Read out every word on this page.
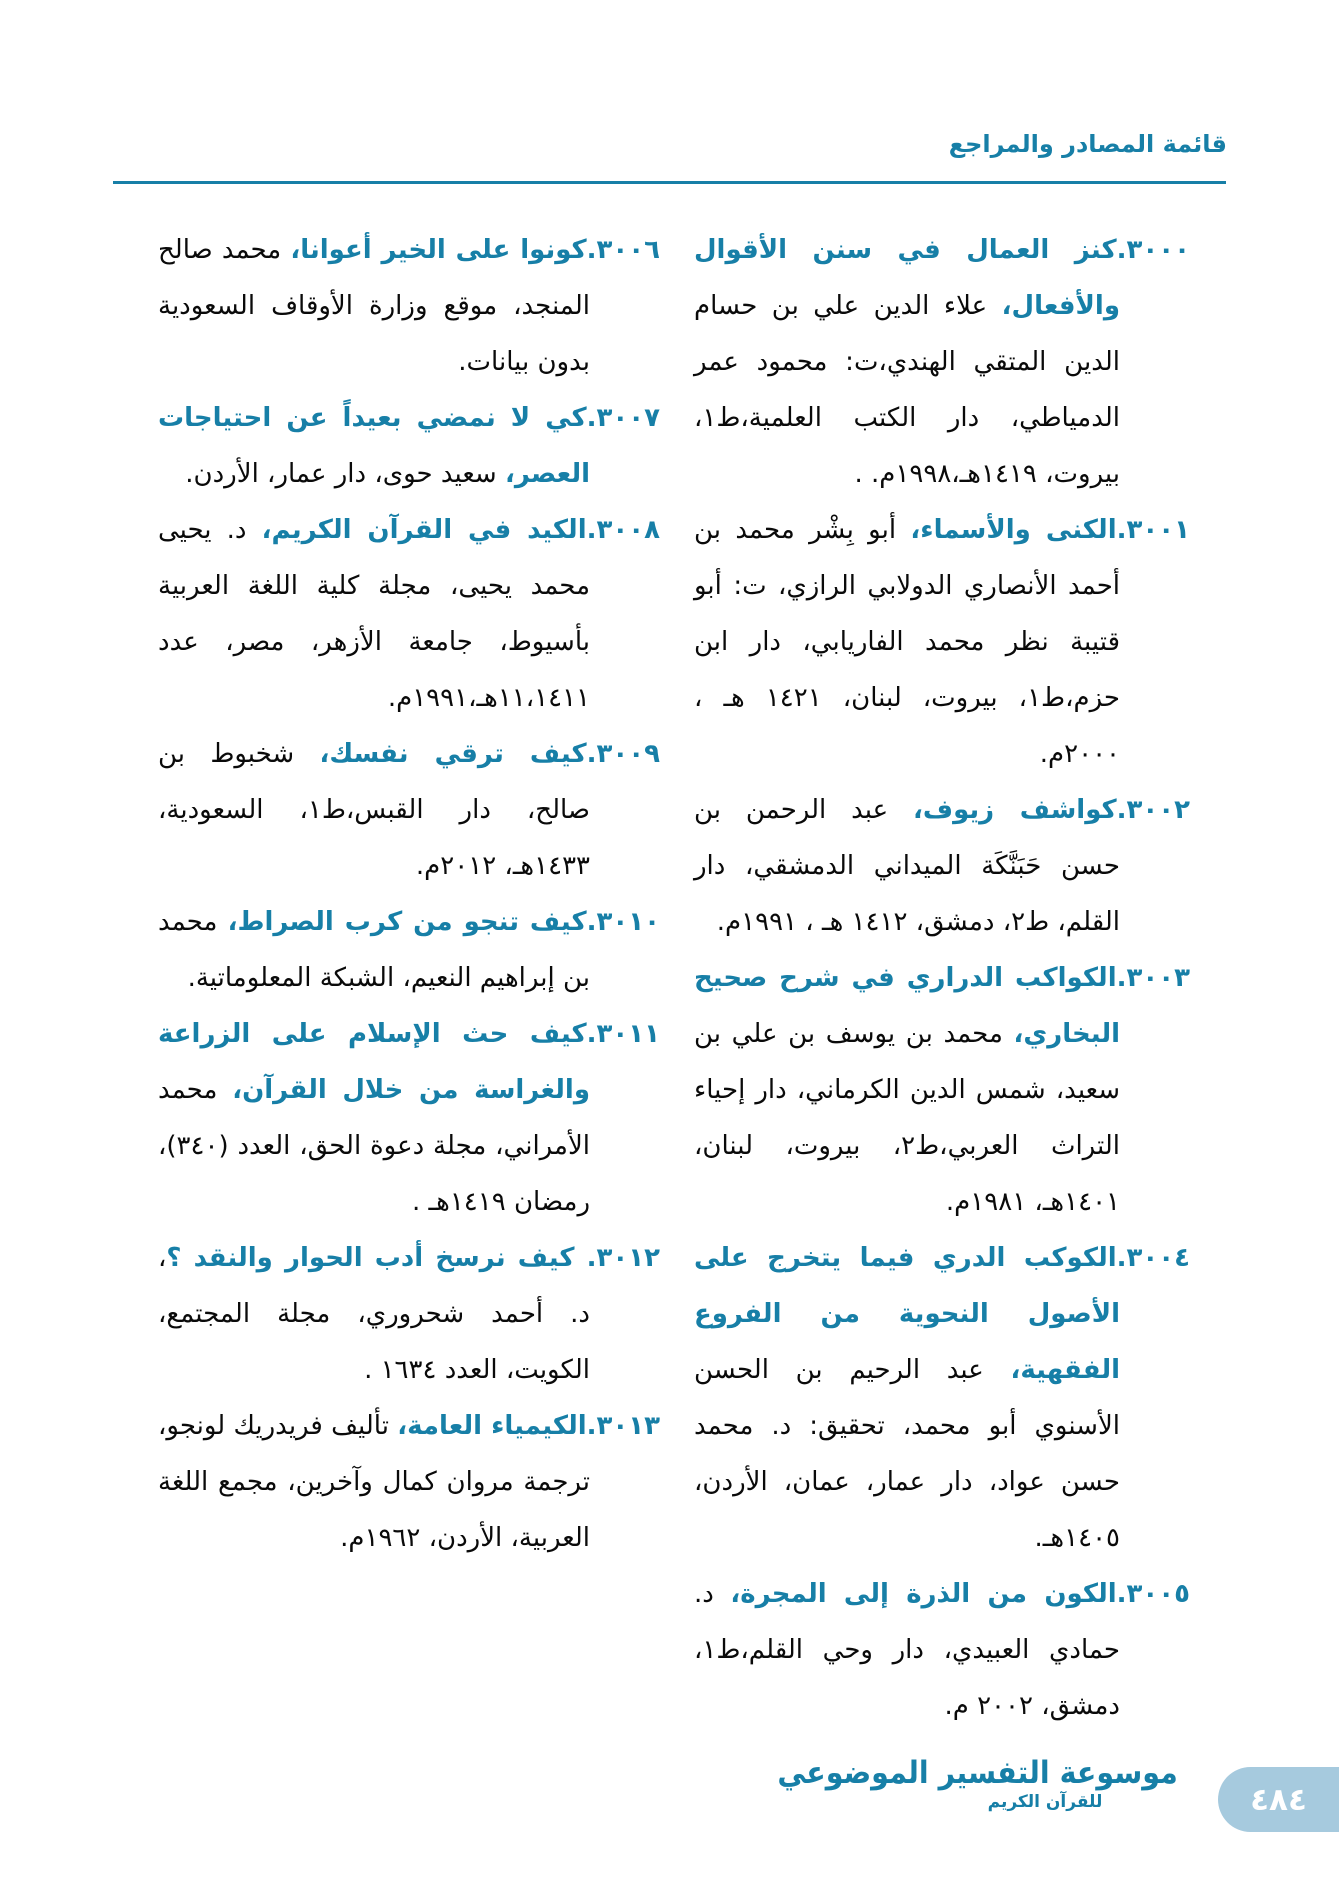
قائمة المصادر والمراجع

٣٠٠٠.كنز العمال في سنن الأقوال والأفعال، علاء الدين علي بن حسام الدين المتقي الهندي،ت: محمود عمر الدمياطي، دار الكتب العلمية،ط١، بيروت، ١٤١٩هـ،١٩٩٨م. .

٣٠٠١.الكنى والأسماء، أبو بِشْر محمد بن أحمد الأنصاري الدولابي الرازي، ت: أبو قتيبة نظر محمد الفاريابي، دار ابن حزم،ط١، بيروت، لبنان، ١٤٢١ هـ ، ٢٠٠٠م.

٣٠٠٢.كواشف زيوف، عبد الرحمن بن حسن حَبَنَّكَة الميداني الدمشقي، دار القلم، ط٢، دمشق، ١٤١٢ هـ ، ١٩٩١م.

٣٠٠٣.الكواكب الدراري في شرح صحيح البخاري، محمد بن يوسف بن علي بن سعيد، شمس الدين الكرماني، دار إحياء التراث العربي،ط٢، بيروت، لبنان، ١٤٠١هـ، ١٩٨١م.

٣٠٠٤.الكوكب الدري فيما يتخرج على الأصول النحوية من الفروع الفقهية، عبد الرحيم بن الحسن الأسنوي أبو محمد، تحقيق: د. محمد حسن عواد، دار عمار، عمان، الأردن، ١٤٠٥هـ.

٣٠٠٥.الكون من الذرة إلى المجرة، د. حمادي العبيدي، دار وحي القلم،ط١، دمشق، ٢٠٠٢ م.

٣٠٠٦.كونوا على الخير أعوانا، محمد صالح المنجد، موقع وزارة الأوقاف السعودية بدون بيانات.

٣٠٠٧.كي لا نمضي بعيداً عن احتياجات العصر، سعيد حوى، دار عمار، الأردن.

٣٠٠٨.الكيد في القرآن الكريم، د. يحيى محمد يحيى، مجلة كلية اللغة العربية بأسيوط، جامعة الأزهر، مصر، عدد ١١،١٤١١هـ،١٩٩١م.

٣٠٠٩.كيف ترقي نفسك، شخبوط بن صالح، دار القبس،ط١، السعودية، ١٤٣٣هـ، ٢٠١٢م.

٣٠١٠.كيف تنجو من كرب الصراط، محمد بن إبراهيم النعيم، الشبكة المعلوماتية.

٣٠١١.كيف حث الإسلام على الزراعة والغراسة من خلال القرآن، محمد الأمراني، مجلة دعوة الحق، العدد (٣٤٠)، رمضان ١٤١٩هـ .

٣٠١٢. كيف نرسخ أدب الحوار والنقد ؟، د. أحمد شحروري، مجلة المجتمع، الكويت، العدد ١٦٣٤ .

٣٠١٣.الكيمياء العامة، تأليف فريدريك لونجو، ترجمة مروان كمال وآخرين، مجمع اللغة العربية، الأردن، ١٩٦٢م.

موسوعة التفسير الموضوعي
للقرآن الكريم	٤٨٤
